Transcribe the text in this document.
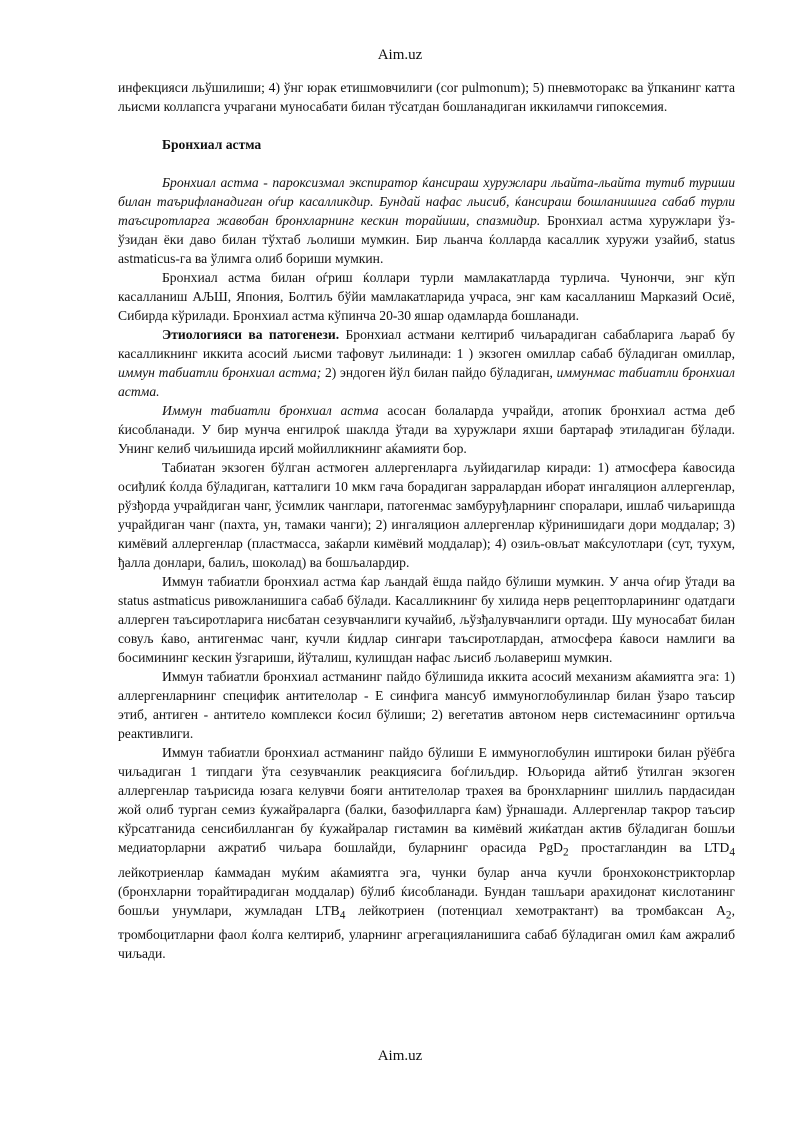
Aim.uz

инфекцияси льўшилиши; 4) ўнг юрак етишмовчилиги (cor pulmonum); 5) пневмоторакс ва ўпканинг катта льисми коллапсга учрагани муносабати билан тўсатдан бошланадиган иккиламчи гипоксемия.

Бронхиал астма

Бронхиал астма - пароксизмал экспиратор ќансираш хуружлари льайта-льайта тутиб туриши билан таърифланадиган оѓир касалликдир. Бундай нафас льисиб, ќансираш бошланишига сабаб турли таъсиротларга жавобан бронхларнинг кескин торайиши, спазмидир. Бронхиал астма хуружлари ўз-ўзидан ёки даво билан тўхтаб љолиши мумкин. Бир льанча ќолларда касаллик хуружи узайиб, status astmaticus-га ва ўлимга олиб бориши мумкин.

Бронхиал астма билан оѓриш ќоллари турли мамлакатларда турлича. Чунончи, энг кўп касалланиш АЉШ, Япония, Болтиљ бўйи мамлакатларида учраса, энг кам касалланиш Марказий Осиё, Сибирда кўрилади. Бронхиал астма кўпинча 20-30 яшар одамларда бошланади.

Этиологияси ва патогенези. Бронхиал астмани келтириб чиљарадиган сабабларига љараб бу касалликнинг иккита асосий љисми тафовут љилинади: 1 ) экзоген омиллар сабаб бўладиган омиллар, иммун табиатли бронхиал астма; 2) эндоген йўл билан пайдо бўладиган, иммунмас табиатли бронхиал астма.

Иммун табиатли бронхиал астма асосан болаларда учрайди, атопик бронхиал астма деб ќисобланади. У бир мунча енгилроќ шаклда ўтади ва хуружлари яхши бартараф этиладиган бўлади. Унинг келиб чиљишида ирсий мойилликнинг аќамияти бор.

Табиатан экзоген бўлган астмоген аллергенларга љуйидагилар киради: 1) атмосфера ќавосида осиђлиќ ќолда бўладиган, катталиги 10 мкм гача борадиган зарралардан иборат ингаляцион аллергенлар, рўзђорда учрайдиган чанг, ўсимлик чанглари, патогенмас замбуруђларнинг споралари, ишлаб чиљаришда учрайдиган чанг (пахта, ун, тамаки чанги); 2) ингаляцион аллергенлар кўринишидаги дори моддалар; 3) кимёвий аллергенлар (пластмасса, заќарли кимёвий моддалар); 4) озиљ-овљат маќсулотлари (сут, тухум, ђалла донлари, балиљ, шоколад) ва бошљалардир.

Иммун табиатли бронхиал астма ќар љандай ёшда пайдо бўлиши мумкин. У анча оѓир ўтади ва status astmaticus ривожланишига сабаб бўлади. Касалликнинг бу хилида нерв рецепторларининг одатдаги аллерген таъсиротларига нисбатан сезувчанлиги кучайиб, љўзђалувчанлиги ортади. Шу муносабат билан совуљ ќаво, антигенмас чанг, кучли ќидлар сингари таъсиротлардан, атмосфера ќавоси намлиги ва босимининг кескин ўзгариши, йўталиш, кулишдан нафас љисиб љолавериш мумкин.

Иммун табиатли бронхиал астманинг пайдо бўлишида иккита асосий механизм аќамиятга эга: 1) аллергенларнинг специфик антителолар - Е синфига мансуб иммуноглобулинлар билан ўзаро таъсир этиб, антиген - антитело комплекси ќосил бўлиши; 2) вегетатив автоном нерв системасининг ортиљча реактивлиги.

Иммун табиатли бронхиал астманинг пайдо бўлиши Е иммуноглобулин иштироки билан рўёбга чиљадиган 1 типдаги ўта сезувчанлик реакциясига боѓлиљдир. Юљорида айтиб ўтилган экзоген аллергенлар таърисида юзага келувчи бояги антителолар трахея ва бронхларнинг шиллиљ пардасидан жой олиб турган семиз ќужайраларга (балки, базофилларга ќам) ўрнашади. Аллергенлар такрор таъсир кўрсатганида сенсибилланган бу ќужайралар гистамин ва кимёвий жиќатдан актив бўладиган бошљи медиаторларни ажратиб чиљара бошлайди, буларнинг орасида PgD$_2$ простагландин ва $LTD_4$ лейкотриенлар ќаммадан муќим аќамиятга эга, чунки булар анча кучли бронхоконстрикторлар (бронхларни торайтирадиган моддалар) бўлиб ќисобланади. Бундан ташљари арахидонат кислотанинг бошљи унумлари, жумладан $LTB_4$ лейкотриен (потенциал хемотрактант) ва тромбаксан $А_2$, тромбоцитларни фаол ќолга келтириб, уларнинг агрегацияланишига сабаб бўладиган омил ќам ажралиб чиљади.

Aim.uz
